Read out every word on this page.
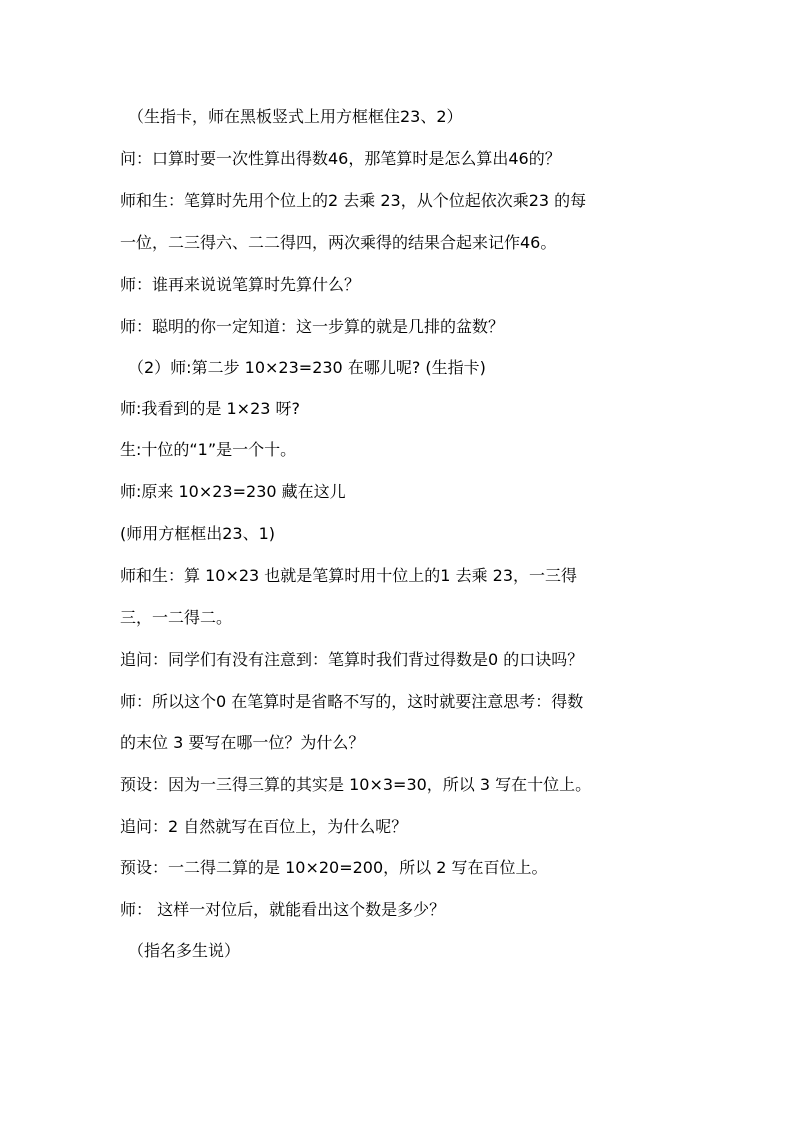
（生指卡，师在黑板竖式上用方框框住23、2）

问：口算时要一次性算出得数46，那笔算时是怎么算出46的？

师和生：笔算时先用个位上的2 去乘 23，从个位起依次乘23 的每

一位，二三得六、二二得四，两次乘得的结果合起来记作46。

师：谁再来说说笔算时先算什么？

师：聪明的你一定知道：这一步算的就是几排的盆数？

（2）师:第二步 10×23=230 在哪儿呢? (生指卡)

师:我看到的是 1×23 呀?

生:十位的“1”是一个十。

师:原来 10×23=230 藏在这儿

(师用方框框出23、1)

师和生：算 10×23 也就是笔算时用十位上的1 去乘 23，一三得

三，一二得二。

追问：同学们有没有注意到：笔算时我们背过得数是0 的口诀吗？

师：所以这个0 在笔算时是省略不写的，这时就要注意思考：得数

的末位 3 要写在哪一位？为什么？

预设：因为一三得三算的其实是 10×3=30，所以 3 写在十位上。

追问：2 自然就写在百位上，为什么呢？

预设：一二得二算的是 10×20=200，所以 2 写在百位上。

师： 这样一对位后，就能看出这个数是多少？

（指名多生说）
